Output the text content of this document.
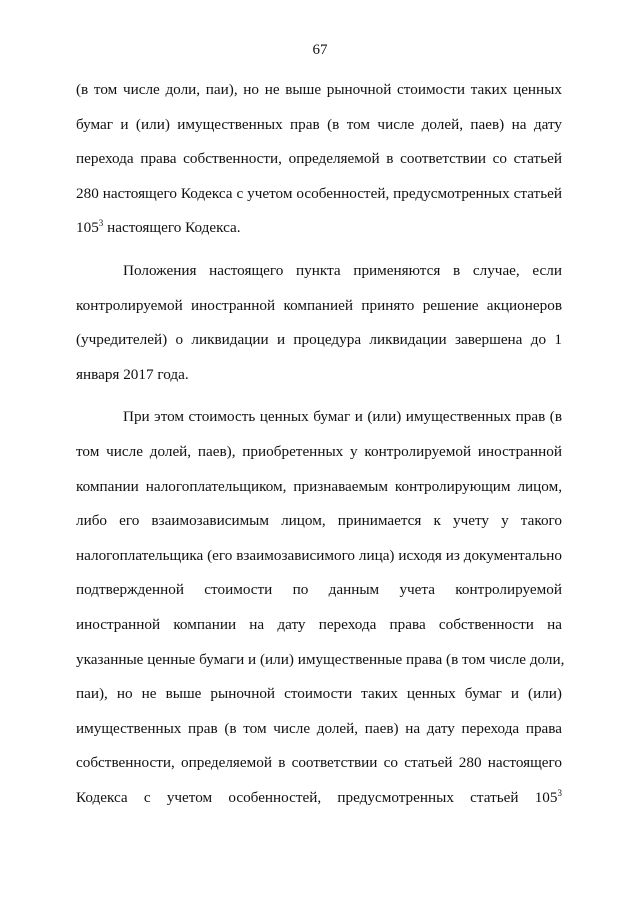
67
(в том числе доли, паи), но не выше рыночной стоимости таких ценных
бумаг и (или) имущественных прав (в том числе долей, паев) на дату
перехода права собственности, определяемой в соответствии со статьей
280 настоящего Кодекса с учетом особенностей, предусмотренных статьей
$105^3$ настоящего Кодекса.
Положения настоящего пункта применяются в случае, если
контролируемой иностранной компанией принято решение акционеров
(учредителей) о ликвидации и процедура ликвидации завершена до 1
января 2017 года.
При этом стоимость ценных бумаг и (или) имущественных прав (в
том числе долей, паев), приобретенных у контролируемой иностранной
компании налогоплательщиком, признаваемым контролирующим лицом,
либо его взаимозависимым лицом, принимается к учету у такого
налогоплательщика (его взаимозависимого лица) исходя из документально
подтвержденной стоимости по данным учета контролируемой
иностранной компании на дату перехода права собственности на
указанные ценные бумаги и (или) имущественные права (в том числе доли,
паи), но не выше рыночной стоимости таких ценных бумаг и (или)
имущественных прав (в том числе долей, паев) на дату перехода права
собственности, определяемой в соответствии со статьей 280 настоящего
Кодекса с учетом особенностей, предусмотренных статьей $105^3$
